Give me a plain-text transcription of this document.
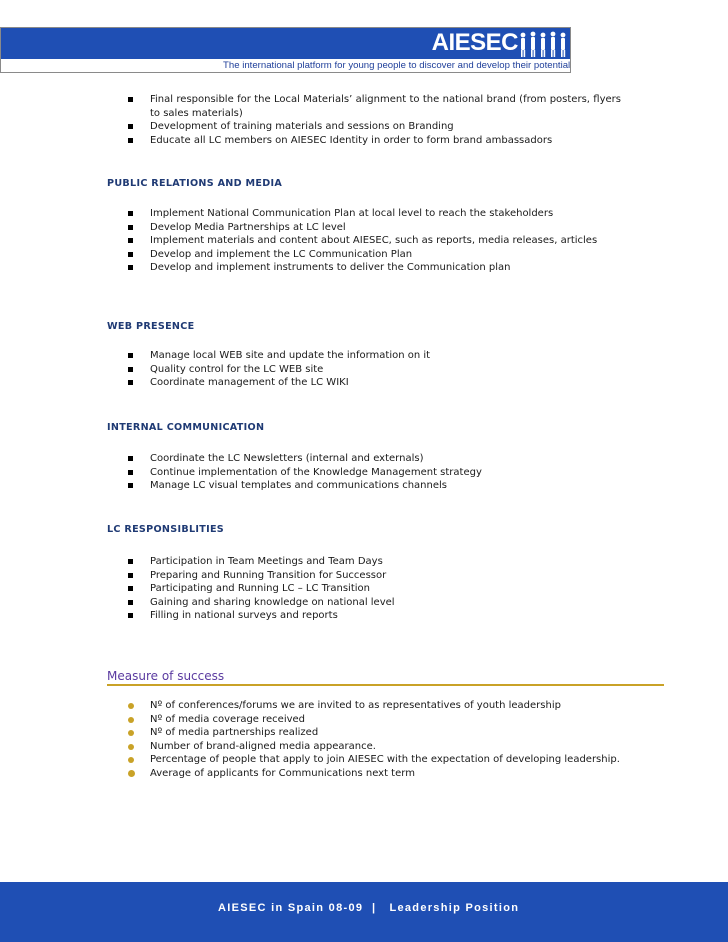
AIESEC
The international platform for young people to discover and develop their potential
Final responsible for the Local Materials’ alignment to the national brand (from posters, flyers to sales materials)
Development of training materials and sessions on Branding
Educate all LC members on AIESEC Identity in order to form brand ambassadors
PUBLIC RELATIONS AND MEDIA
Implement National Communication Plan at local level to reach the stakeholders
Develop Media Partnerships at LC level
Implement materials and content about AIESEC, such as reports, media releases, articles
Develop and implement the LC Communication Plan
Develop and implement instruments to deliver the Communication plan
WEB PRESENCE
Manage local WEB site and update the information on it
Quality control for the LC WEB site
Coordinate management of the LC WIKI
INTERNAL COMMUNICATION
Coordinate the LC Newsletters (internal and externals)
Continue implementation of the Knowledge Management strategy
Manage LC visual templates and communications channels
LC RESPONSIBLITIES
Participation in Team Meetings and Team Days
Preparing and Running Transition for Successor
Participating and Running LC – LC Transition
Gaining and sharing knowledge on national level
Filling in national surveys and reports
Measure of success
Nº of conferences/forums we are invited to as representatives of youth leadership
Nº of media coverage received
Nº of media partnerships realized
Number of brand-aligned media appearance.
Percentage of people that apply to join AIESEC with the expectation of developing leadership.
Average of applicants for Communications next term
AIESEC in Spain 08-09  |   Leadership Position
